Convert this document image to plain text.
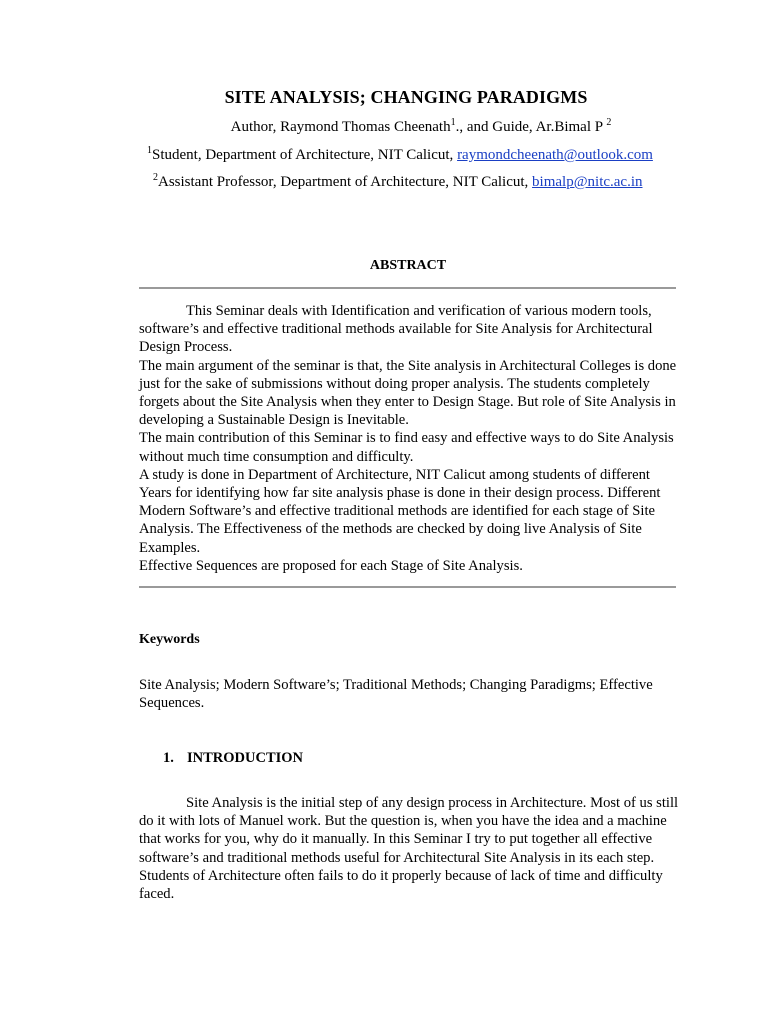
SITE ANALYSIS; CHANGING PARADIGMS
Author, Raymond Thomas Cheenath$^1$., and Guide, Ar.Bimal P $^2$
$^1$Student, Department of Architecture, NIT Calicut, raymondcheenath@outlook.com
$^2$Assistant Professor, Department of Architecture, NIT Calicut, bimalp@nitc.ac.in
ABSTRACT

This Seminar deals with Identification and verification of various modern tools, software’s and effective traditional methods available for Site Analysis for Architectural Design Process.

The main argument of the seminar is that, the Site analysis in Architectural Colleges is done just for the sake of submissions without doing proper analysis. The students completely forgets about the Site Analysis when they enter to Design Stage. But role of Site Analysis in developing a Sustainable Design is Inevitable.

The main contribution of this Seminar is to find easy and effective ways to do Site Analysis without much time consumption and difficulty.

A study is done in Department of Architecture, NIT Calicut among students of different Years for identifying how far site analysis phase is done in their design process. Different Modern Software’s and effective traditional methods are identified for each stage of Site Analysis. The Effectiveness of the methods are checked by doing live Analysis of Site Examples.

Effective Sequences are proposed for each Stage of Site Analysis.

Keywords
Site Analysis; Modern Software’s; Traditional Methods; Changing Paradigms; Effective Sequences.
1. INTRODUCTION

Site Analysis is the initial step of any design process in Architecture. Most of us still do it with lots of Manuel work. But the question is, when you have the idea and a machine that works for you, why do it manually. In this Seminar I try to put together all effective software’s and traditional methods useful for Architectural Site Analysis in its each step. Students of Architecture often fails to do it properly because of lack of time and difficulty faced.
